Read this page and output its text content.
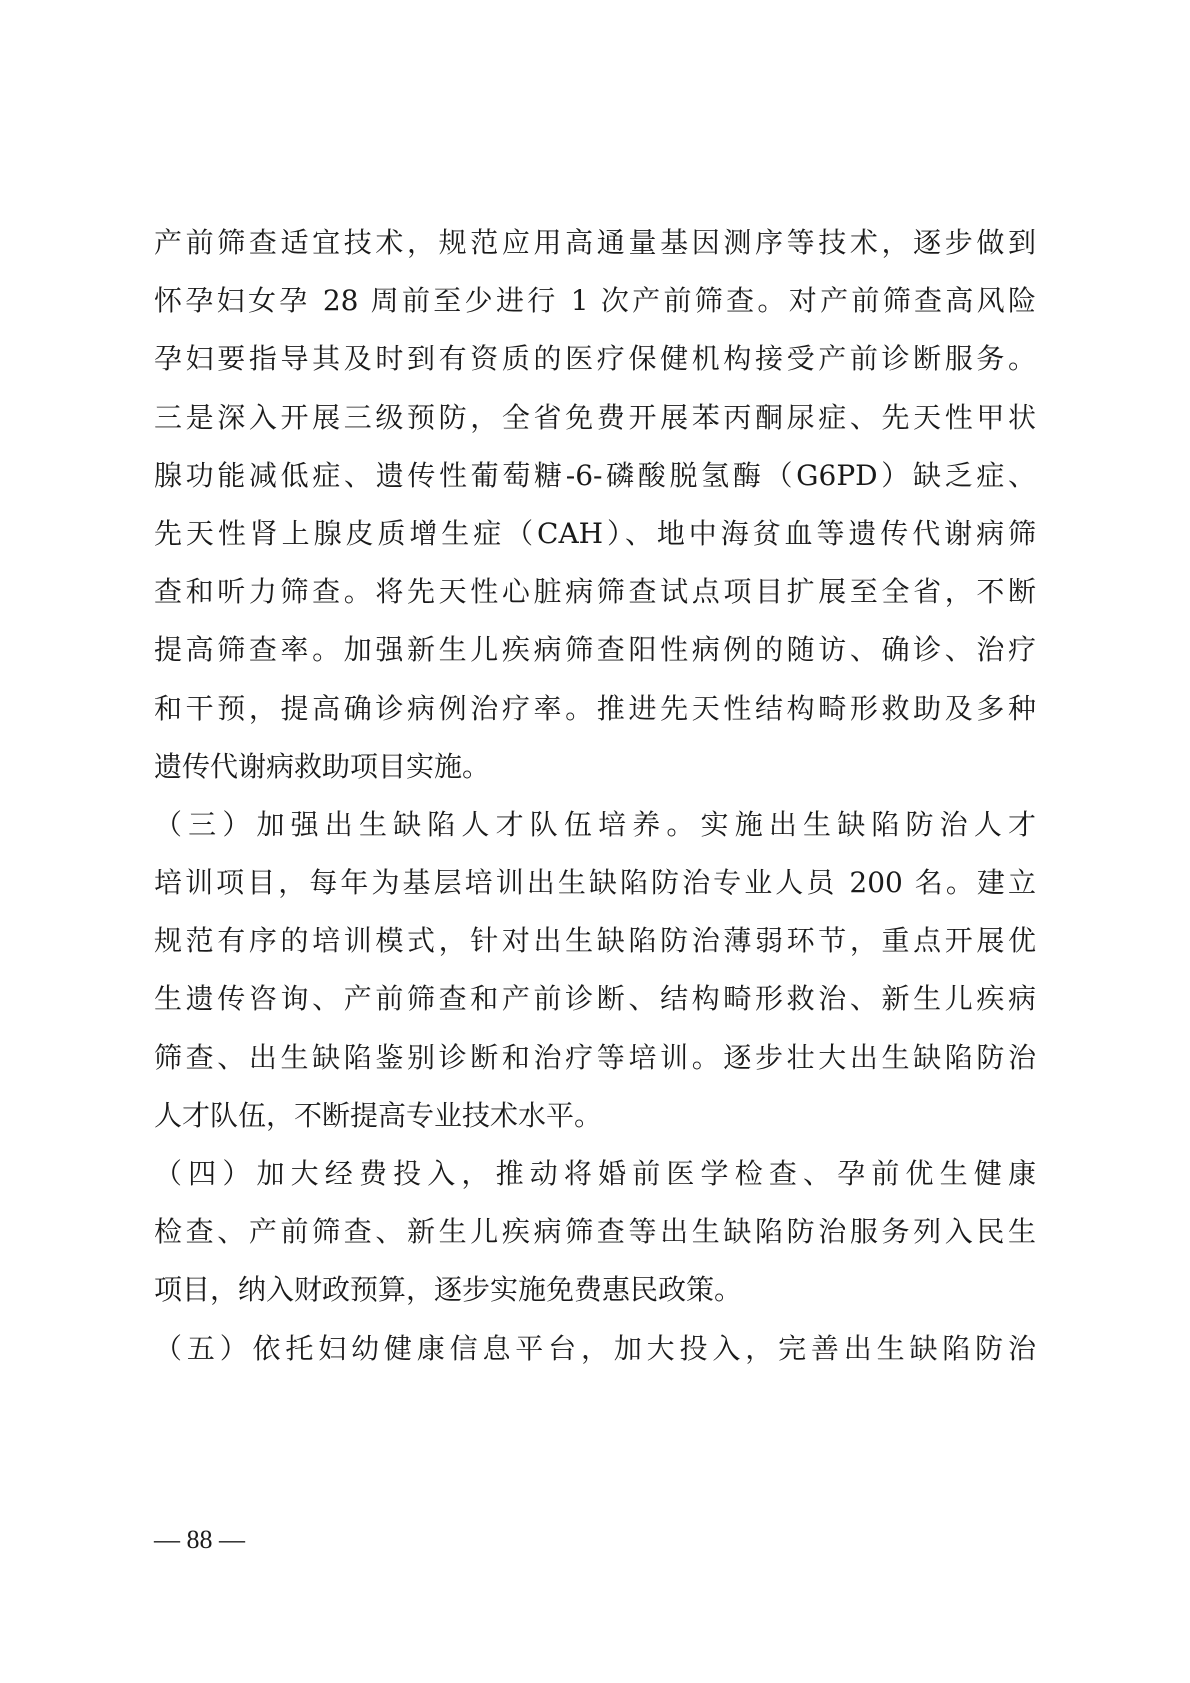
产前筛查适宜技术，规范应用高通量基因测序等技术，逐步做到
怀孕妇女孕 28 周前至少进行 1 次产前筛查。对产前筛查高风险
孕妇要指导其及时到有资质的医疗保健机构接受产前诊断服务。
三是深入开展三级预防，全省免费开展苯丙酮尿症、先天性甲状
腺功能减低症、遗传性葡萄糖-6-磷酸脱氢酶（G6PD）缺乏症、
先天性肾上腺皮质增生症（CAH）、地中海贫血等遗传代谢病筛
查和听力筛查。将先天性心脏病筛查试点项目扩展至全省，不断
提高筛查率。加强新生儿疾病筛查阳性病例的随访、确诊、治疗
和干预，提高确诊病例治疗率。推进先天性结构畸形救助及多种
遗传代谢病救助项目实施。
（三）加强出生缺陷人才队伍培养。实施出生缺陷防治人才
培训项目，每年为基层培训出生缺陷防治专业人员 200 名。建立
规范有序的培训模式，针对出生缺陷防治薄弱环节，重点开展优
生遗传咨询、产前筛查和产前诊断、结构畸形救治、新生儿疾病
筛查、出生缺陷鉴别诊断和治疗等培训。逐步壮大出生缺陷防治
人才队伍，不断提高专业技术水平。
（四）加大经费投入，推动将婚前医学检查、孕前优生健康
检查、产前筛查、新生儿疾病筛查等出生缺陷防治服务列入民生
项目，纳入财政预算，逐步实施免费惠民政策。
（五）依托妇幼健康信息平台，加大投入，完善出生缺陷防治
— 88 —
